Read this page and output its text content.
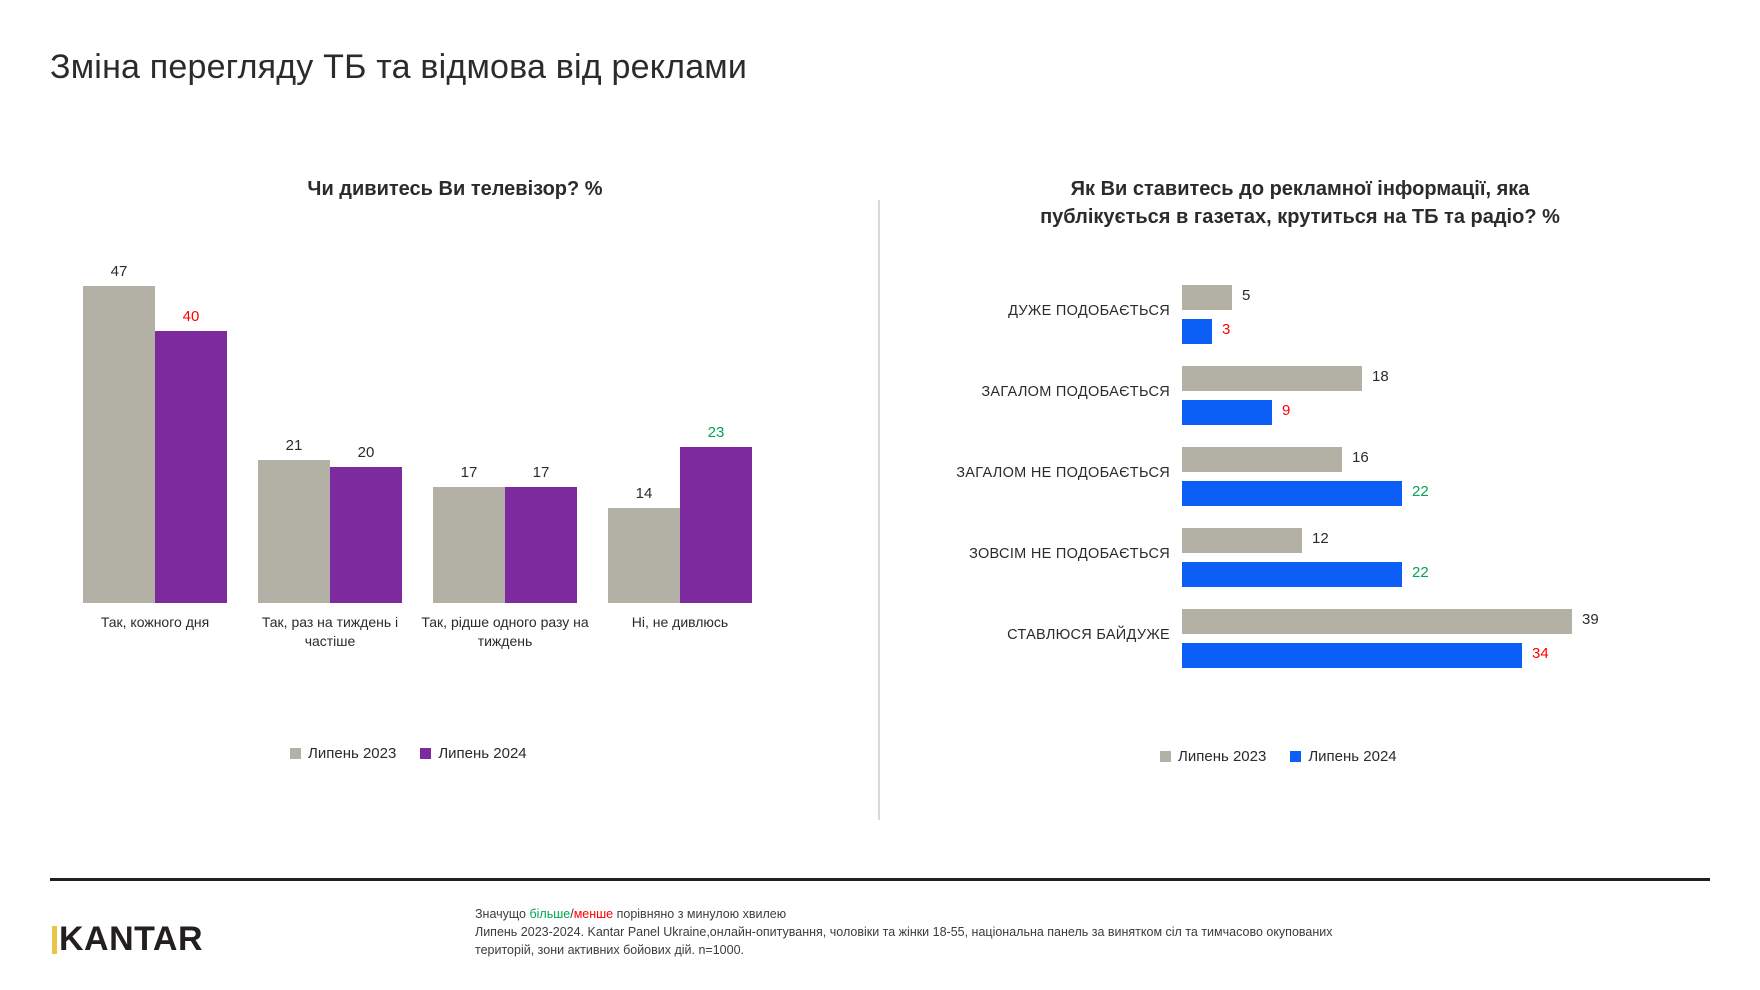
Зміна перегляду ТБ та відмова від реклами
Чи дивитесь Ви телевізор? %
47
40
Так, кожного дня
21	20
Так, раз на тиждень і частіше
17	17
Так, рідше одного разу на тиждень
14
23
Ні, не дивлюсь
Липень 2023	Липень 2024
Як Ви ставитесь до рекламної інформації, яка
публікується в газетах, крутиться на ТБ та радіо? %
ДУЖЕ ПОДОБАЄТЬСЯ
5
3
ЗАГАЛОМ ПОДОБАЄТЬСЯ
18
9
ЗАГАЛОМ НЕ ПОДОБАЄТЬСЯ
16
22
ЗОВСІМ НЕ ПОДОБАЄТЬСЯ
12
22
СТАВЛЮСЯ БАЙДУЖЕ
39
34
Липень 2023	Липень 2024
KANTAR
Значущо більше/менше порівняно з минулою хвилею
Липень 2023-2024. Kantar Panel Ukraine,онлайн-опитування, чоловіки та жінки 18-55, національна панель за винятком сіл та тимчасово окупованих
територій, зони активних бойових дій. n=1000.
